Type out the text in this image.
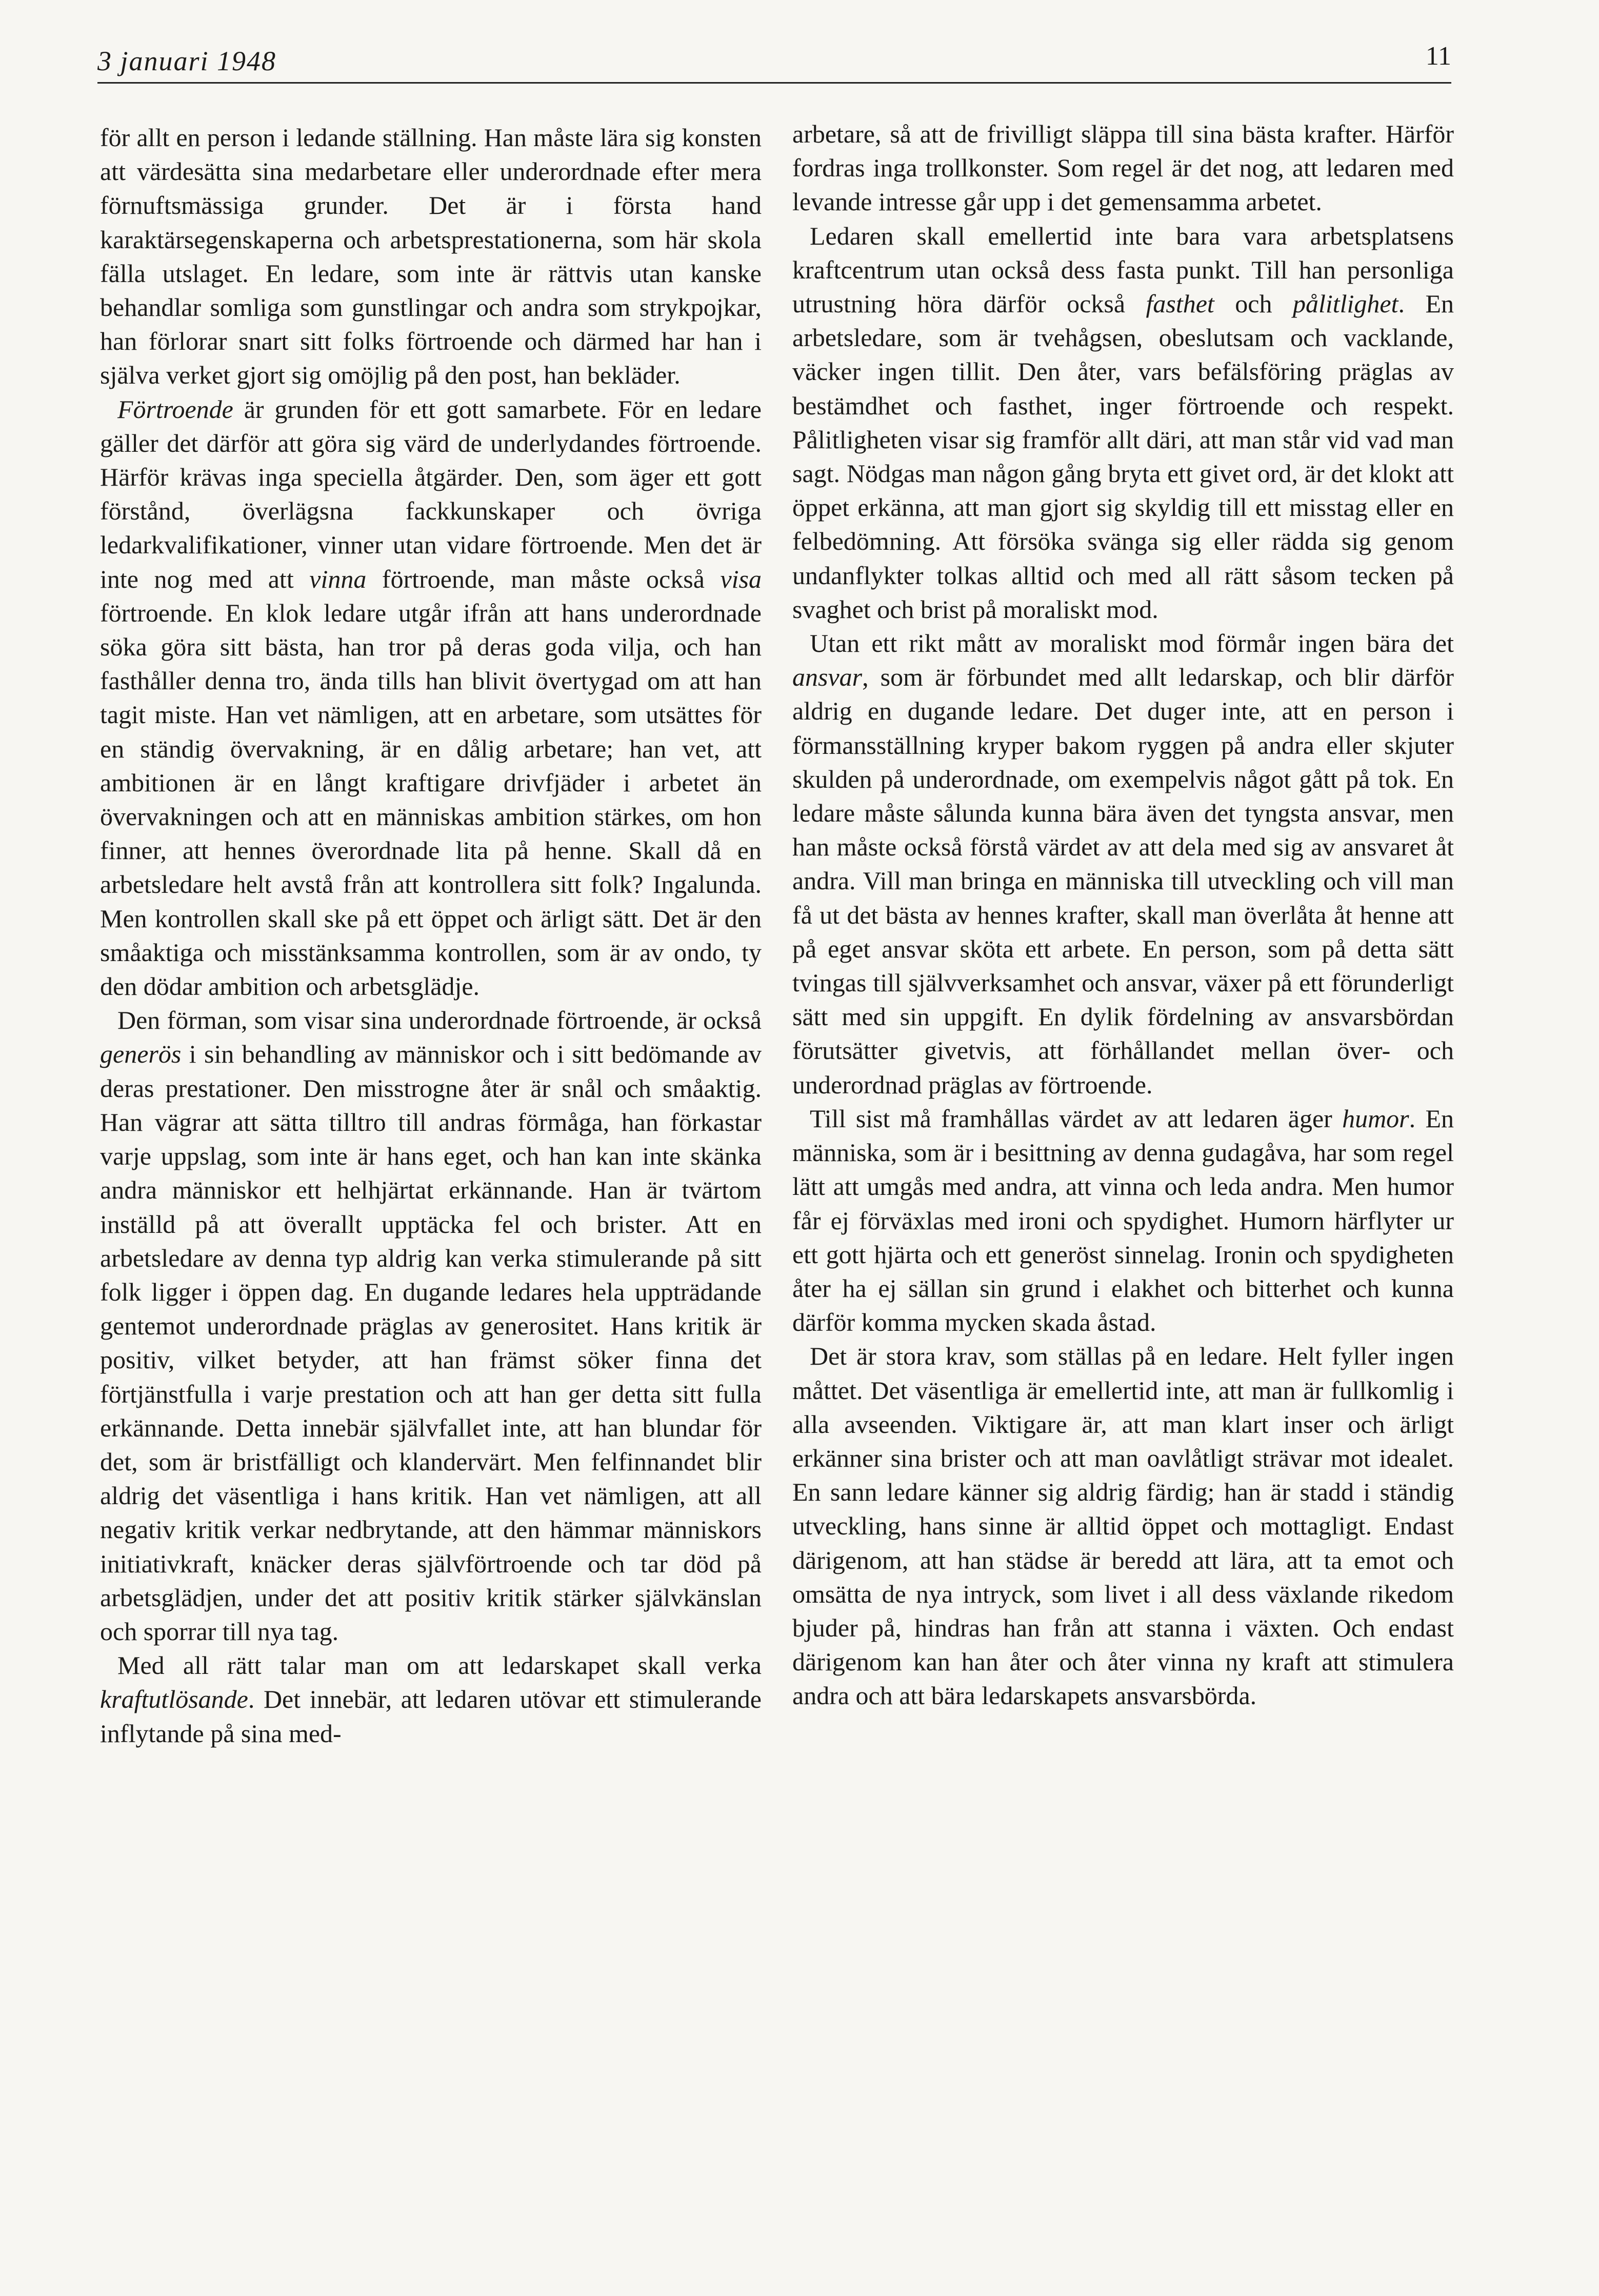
3 januari 1948	11

för allt en person i ledande ställning. Han måste lära sig konsten att värdesätta sina medarbetare eller underordnade efter mera förnuftsmässiga grunder. Det är i första hand karaktärsegenskaperna och arbetsprestationerna, som här skola fälla utslaget. En ledare, som inte är rättvis utan kanske behandlar somliga som gunstlingar och andra som strykpojkar, han förlorar snart sitt folks förtroende och därmed har han i själva verket gjort sig omöjlig på den post, han bekläder.

Förtroende är grunden för ett gott samarbete. För en ledare gäller det därför att göra sig värd de underlydandes förtroende. Härför krävas inga speciella åtgärder. Den, som äger ett gott förstånd, överlägsna fackkunskaper och övriga ledarkvalifikationer, vinner utan vidare förtroende. Men det är inte nog med att vinna förtroende, man måste också visa förtroende. En klok ledare utgår ifrån att hans underordnade söka göra sitt bästa, han tror på deras goda vilja, och han fasthåller denna tro, ända tills han blivit övertygad om att han tagit miste. Han vet nämligen, att en arbetare, som utsättes för en ständig övervakning, är en dålig arbetare; han vet, att ambitionen är en långt kraftigare drivfjäder i arbetet än övervakningen och att en människas ambition stärkes, om hon finner, att hennes överordnade lita på henne. Skall då en arbetsledare helt avstå från att kontrollera sitt folk? Ingalunda. Men kontrollen skall ske på ett öppet och ärligt sätt. Det är den småaktiga och misstänksamma kontrollen, som är av ondo, ty den dödar ambition och arbetsglädje.

Den förman, som visar sina underordnade förtroende, är också generös i sin behandling av människor och i sitt bedömande av deras prestationer. Den misstrogne åter är snål och småaktig. Han vägrar att sätta tilltro till andras förmåga, han förkastar varje uppslag, som inte är hans eget, och han kan inte skänka andra människor ett helhjärtat erkännande. Han är tvärtom inställd på att överallt upptäcka fel och brister. Att en arbetsledare av denna typ aldrig kan verka stimulerande på sitt folk ligger i öppen dag. En dugande ledares hela uppträdande gentemot underordnade präglas av generositet. Hans kritik är positiv, vilket betyder, att han främst söker finna det förtjänstfulla i varje prestation och att han ger detta sitt fulla erkännande. Detta innebär självfallet inte, att han blundar för det, som är bristfälligt och klandervärt. Men felfinnandet blir aldrig det väsentliga i hans kritik. Han vet nämligen, att all negativ kritik verkar nedbrytande, att den hämmar människors initiativkraft, knäcker deras självförtroende och tar död på arbetsglädjen, under det att positiv kritik stärker självkänslan och sporrar till nya tag.

Med all rätt talar man om att ledarskapet skall verka kraftutlösande. Det innebär, att ledaren utövar ett stimulerande inflytande på sina med-

arbetare, så att de frivilligt släppa till sina bästa krafter. Härför fordras inga trollkonster. Som regel är det nog, att ledaren med levande intresse går upp i det gemensamma arbetet.

Ledaren skall emellertid inte bara vara arbetsplatsens kraftcentrum utan också dess fasta punkt. Till han personliga utrustning höra därför också fasthet och pålitlighet. En arbetsledare, som är tvehågsen, obeslutsam och vacklande, väcker ingen tillit. Den åter, vars befälsföring präglas av bestämdhet och fasthet, inger förtroende och respekt. Pålitligheten visar sig framför allt däri, att man står vid vad man sagt. Nödgas man någon gång bryta ett givet ord, är det klokt att öppet erkänna, att man gjort sig skyldig till ett misstag eller en felbedömning. Att försöka svänga sig eller rädda sig genom undanflykter tolkas alltid och med all rätt såsom tecken på svaghet och brist på moraliskt mod.

Utan ett rikt mått av moraliskt mod förmår ingen bära det ansvar, som är förbundet med allt ledarskap, och blir därför aldrig en dugande ledare. Det duger inte, att en person i förmansställning kryper bakom ryggen på andra eller skjuter skulden på underordnade, om exempelvis något gått på tok. En ledare måste sålunda kunna bära även det tyngsta ansvar, men han måste också förstå värdet av att dela med sig av ansvaret åt andra. Vill man bringa en människa till utveckling och vill man få ut det bästa av hennes krafter, skall man överlåta åt henne att på eget ansvar sköta ett arbete. En person, som på detta sätt tvingas till självverksamhet och ansvar, växer på ett förunderligt sätt med sin uppgift. En dylik fördelning av ansvarsbördan förutsätter givetvis, att förhållandet mellan över- och underordnad präglas av förtroende.

Till sist må framhållas värdet av att ledaren äger humor. En människa, som är i besittning av denna gudagåva, har som regel lätt att umgås med andra, att vinna och leda andra. Men humor får ej förväxlas med ironi och spydighet. Humorn härflyter ur ett gott hjärta och ett generöst sinnelag. Ironin och spydigheten åter ha ej sällan sin grund i elakhet och bitterhet och kunna därför komma mycken skada åstad.

Det är stora krav, som ställas på en ledare. Helt fyller ingen måttet. Det väsentliga är emellertid inte, att man är fullkomlig i alla avseenden. Viktigare är, att man klart inser och ärligt erkänner sina brister och att man oavlåtligt strävar mot idealet. En sann ledare känner sig aldrig färdig; han är stadd i ständig utveckling, hans sinne är alltid öppet och mottagligt. Endast därigenom, att han städse är beredd att lära, att ta emot och omsätta de nya intryck, som livet i all dess växlande rikedom bjuder på, hindras han från att stanna i växten. Och endast därigenom kan han åter och åter vinna ny kraft att stimulera andra och att bära ledarskapets ansvarsbörda.
